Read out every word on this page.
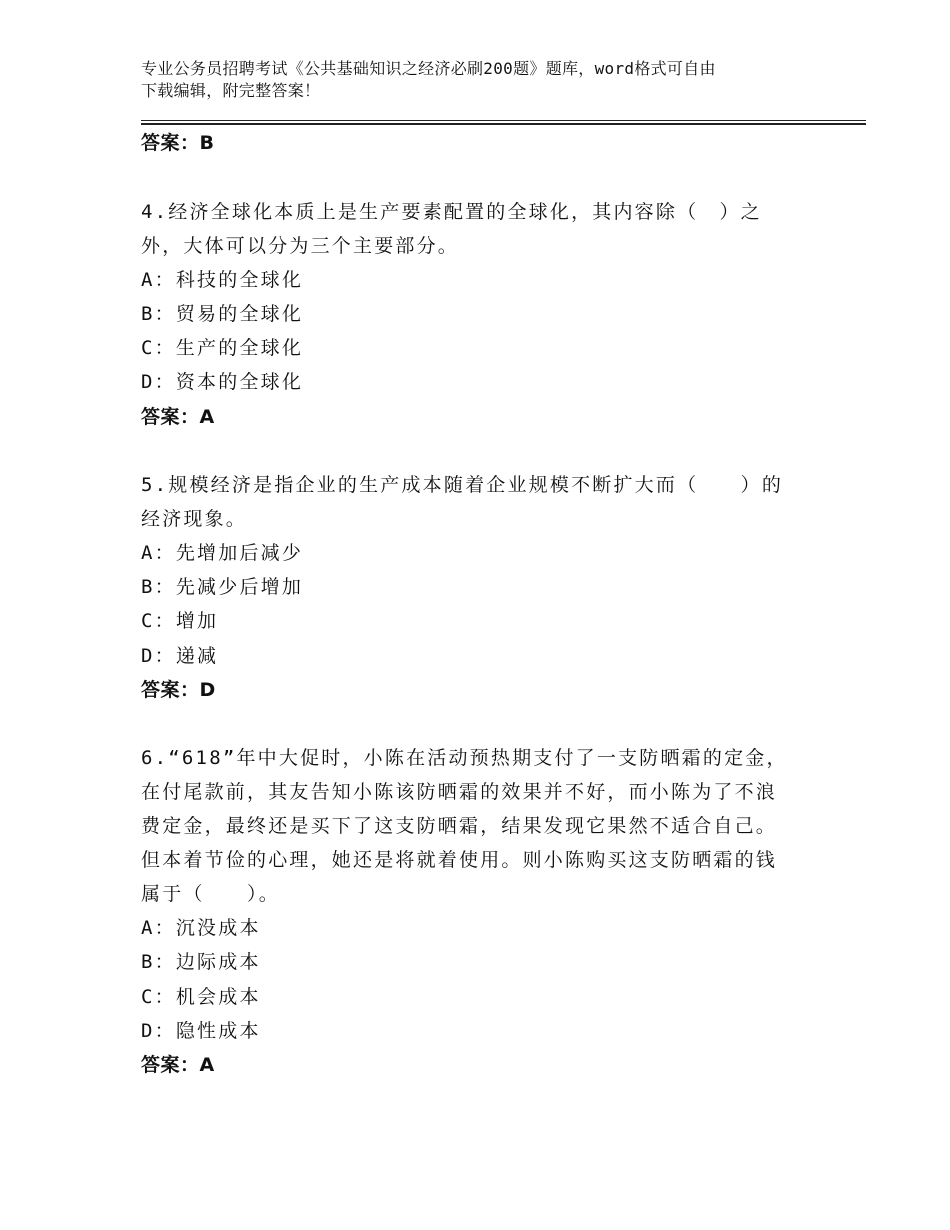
专业公务员招聘考试《公共基础知识之经济必刷200题》题库，word格式可自由
下载编辑，附完整答案！
答案：B
4.经济全球化本质上是生产要素配置的全球化，其内容除（　）之
外，大体可以分为三个主要部分。
A：科技的全球化
B：贸易的全球化
C：生产的全球化
D：资本的全球化
答案：A
5.规模经济是指企业的生产成本随着企业规模不断扩大而（　　）的
经济现象。
A：先增加后减少
B：先减少后增加
C：增加
D：递减
答案：D
6.“618”年中大促时，小陈在活动预热期支付了一支防晒霜的定金，
在付尾款前，其友告知小陈该防晒霜的效果并不好，而小陈为了不浪
费定金，最终还是买下了这支防晒霜，结果发现它果然不适合自己。
但本着节俭的心理，她还是将就着使用。则小陈购买这支防晒霜的钱
属于（　　）。
A：沉没成本
B：边际成本
C：机会成本
D：隐性成本
答案：A
